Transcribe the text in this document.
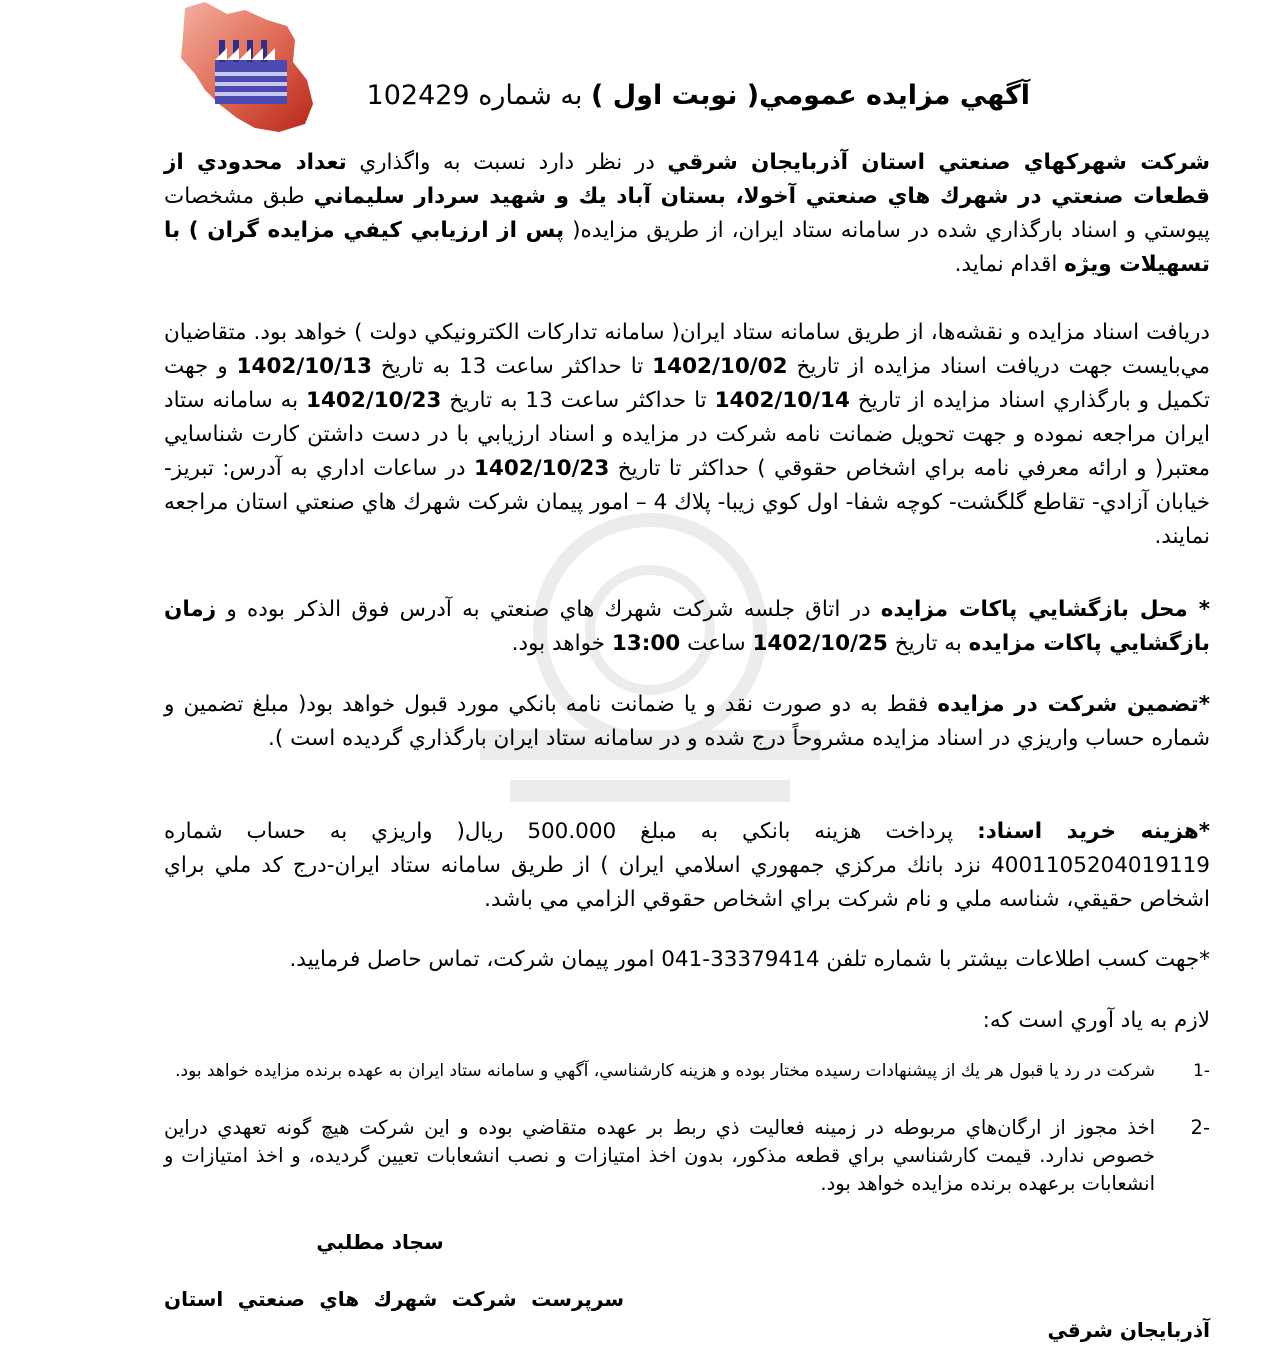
آگهي مزايده عمومي( نوبت اول ) به شماره 102429

شركت شهركهاي صنعتي استان آذربايجان شرقي در نظر دارد نسبت به واگذاري تعداد محدودي از قطعات صنعتي در شهرك هاي صنعتي آخولا، بستان آباد يك و شهيد سردار سليماني طبق مشخصات پيوستي و اسناد بارگذاري شده در سامانه ستاد ايران، از طريق مزايده( پس از ارزيابي كيفي مزايده گران ) با تسهيلات ويژه اقدام نمايد.

دريافت اسناد مزايده و نقشه‌ها، از طريق سامانه ستاد ايران( سامانه تداركات الكترونيكي دولت ) خواهد بود. متقاضيان مي‌بايست جهت دريافت اسناد مزايده از تاريخ 1402/10/02 تا حداكثر ساعت 13 به تاريخ 1402/10/13 و جهت تكميل و بارگذاري اسناد مزايده از تاريخ 1402/10/14 تا حداكثر ساعت 13 به تاريخ 1402/10/23 به سامانه ستاد ايران مراجعه نموده و جهت تحويل ضمانت نامه شركت در مزايده و اسناد ارزيابي با در دست داشتن كارت شناسايي معتبر( و ارائه معرفي نامه براي اشخاص حقوقي ) حداكثر تا تاريخ 1402/10/23 در ساعات اداري به آدرس: تبريز- خيابان آزادي- تقاطع گلگشت- كوچه شفا- اول كوي زيبا- پلاك 4 – امور پيمان شركت شهرك هاي صنعتي استان مراجعه نمايند.

* محل بازگشايي پاكات مزايده در اتاق جلسه شركت شهرك هاي صنعتي به آدرس فوق الذكر بوده و زمان بازگشايي پاكات مزايده به تاريخ 1402/10/25 ساعت 13:00 خواهد بود.

*تضمين شركت در مزايده فقط به دو صورت نقد و يا ضمانت نامه بانكي مورد قبول خواهد بود( مبلغ تضمين و شماره حساب واريزي در اسناد مزايده مشروحاً درج شده و در سامانه ستاد ايران بارگذاري گرديده است ).

*هزينه خريد اسناد: پرداخت هزينه بانكي به مبلغ 500.000 ريال( واريزي به حساب شماره 4001105204019119 نزد بانك مركزي جمهوري اسلامي ايران ) از طريق سامانه ستاد ايران-درج كد ملي براي اشخاص حقيقي، شناسه ملي و نام شركت براي اشخاص حقوقي الزامي مي باشد.

*جهت كسب اطلاعات بيشتر با شماره تلفن 33379414-041 امور پيمان شركت، تماس حاصل فرماييد.

لازم به ياد آوري است كه:

-1
شركت در رد يا قبول هر يك از پيشنهادات رسيده مختار بوده و هزينه كارشناسي، آگهي و سامانه ستاد ايران به عهده برنده مزايده خواهد بود.
-2
اخذ مجوز از ارگان‌هاي مربوطه در زمينه فعاليت ذي ربط بر عهده متقاضي بوده و اين شركت هيچ گونه تعهدي دراين خصوص ندارد. قيمت كارشناسي براي قطعه مذكور، بدون اخذ امتيازات و نصب انشعابات تعيين گرديده، و اخذ امتيازات و انشعابات برعهده برنده مزايده خواهد بود.
سجاد مطلبي
سرپرست شركت شهرك هاي صنعتي استان
آذربايجان شرقي
